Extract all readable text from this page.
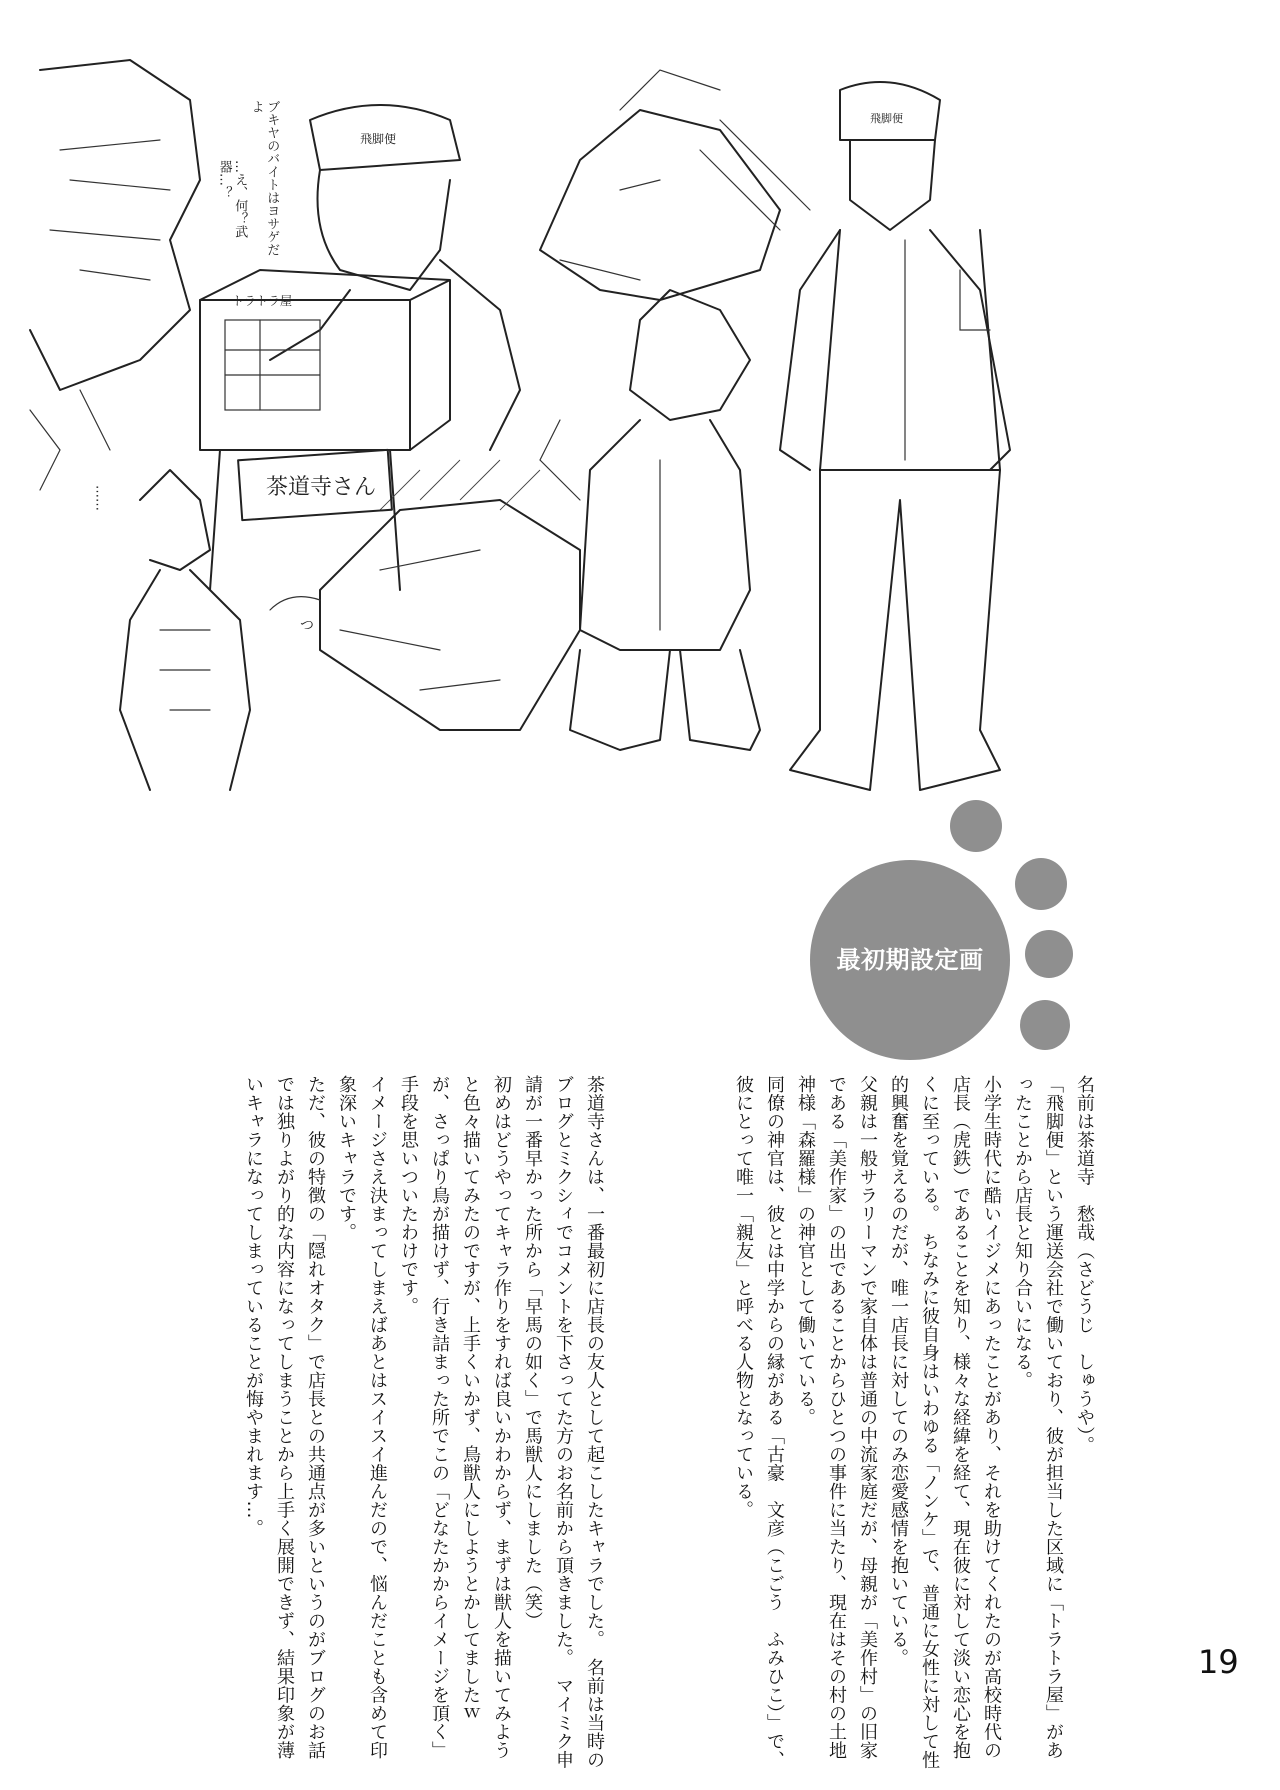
ブキヤのバイトはヨサゲだよ
…え、何？武器…？
……
トラトラ屋
茶道寺さん
飛脚便
飛脚便
つ
最初期設定画

名前は茶道寺　愁哉（さどうじ　しゅうや）。

「飛脚便」という運送会社で働いており、彼が担当した区域に「トラトラ屋」があったことから店長と知り合いになる。

小学生時代に酷いイジメにあったことがあり、それを助けてくれたのが高校時代の店長（虎鉄）であることを知り、様々な経緯を経て、現在彼に対して淡い恋心を抱くに至っている。　ちなみに彼自身はいわゆる「ノンケ」で、普通に女性に対して性的興奮を覚えるのだが、唯一店長に対してのみ恋愛感情を抱いている。

父親は一般サラリーマンで家自体は普通の中流家庭だが、母親が「美作村」の旧家である「美作家」の出であることからひとつの事件に当たり、現在はその村の土地神様「森羅様」の神官として働いている。

同僚の神官は、彼とは中学からの縁がある「古豪　文彦（こごう　ふみひこ）」で、彼にとって唯一「親友」と呼べる人物となっている。

茶道寺さんは、一番最初に店長の友人として起こしたキャラでした。　名前は当時のブログとミクシィでコメントを下さってた方のお名前から頂きました。　マイミク申請が一番早かった所から「早馬の如く」で馬獣人にしました（笑）

初めはどうやってキャラ作りをすれば良いかわからず、まずは獣人を描いてみようと色々描いてみたのですが、上手くいかず、鳥獣人にしようとかしてましたｗ　が、さっぱり鳥が描けず、行き詰まった所でこの「どなたかからイメージを頂く」手段を思いついたわけです。

イメージさえ決まってしまえばあとはスイスイ進んだので、悩んだことも含めて印象深いキャラです。

ただ、彼の特徴の「隠れオタク」で店長との共通点が多いというのがブログのお話では独りよがり的な内容になってしまうことから上手く展開できず、結果印象が薄いキャラになってしまっていることが悔やまれます…。

19
